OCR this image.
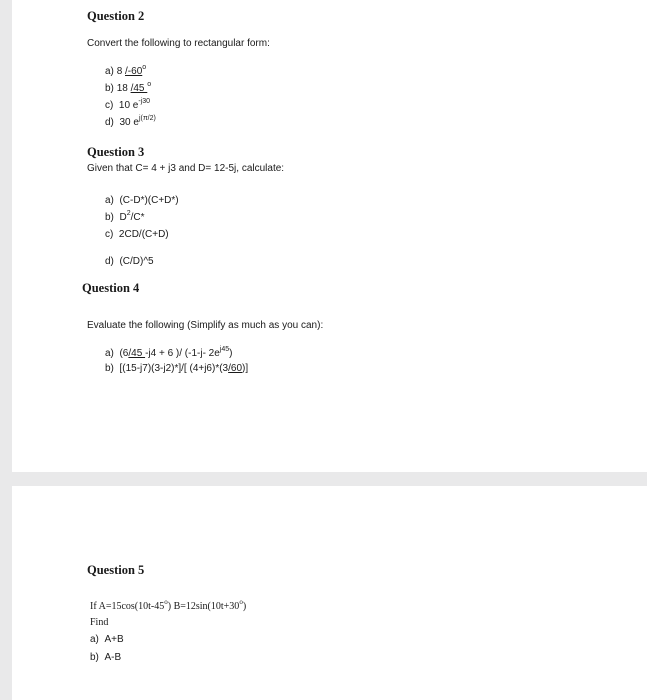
Question 2
Convert the following to rectangular form:
a) 8 /-60$^o$
b) 18 /45 $^o$
c) 10 $e^{-j30}$
d) 30 $e^{j(\pi/2)}$
Question 3
Given that C= 4 + j3 and D= 12-5j, calculate:
a) (C-D*)(C+D*)
b) $D^2/C*$
c) 2CD/(C+D)
d) (C/D)^5
Question 4
Evaluate the following (Simplify as much as you can):
a) (6/45 -j4 + 6 )/ (-1-j- $2e^{j45}$)
b) [(15-j7)(3-j2)*]/[ (4+j6)*(3/60)]
Question 5
If $A=15\cos(10t-45^o)$ $B=12\sin(10t+30^o)$
Find
a) A+B
b) A-B
